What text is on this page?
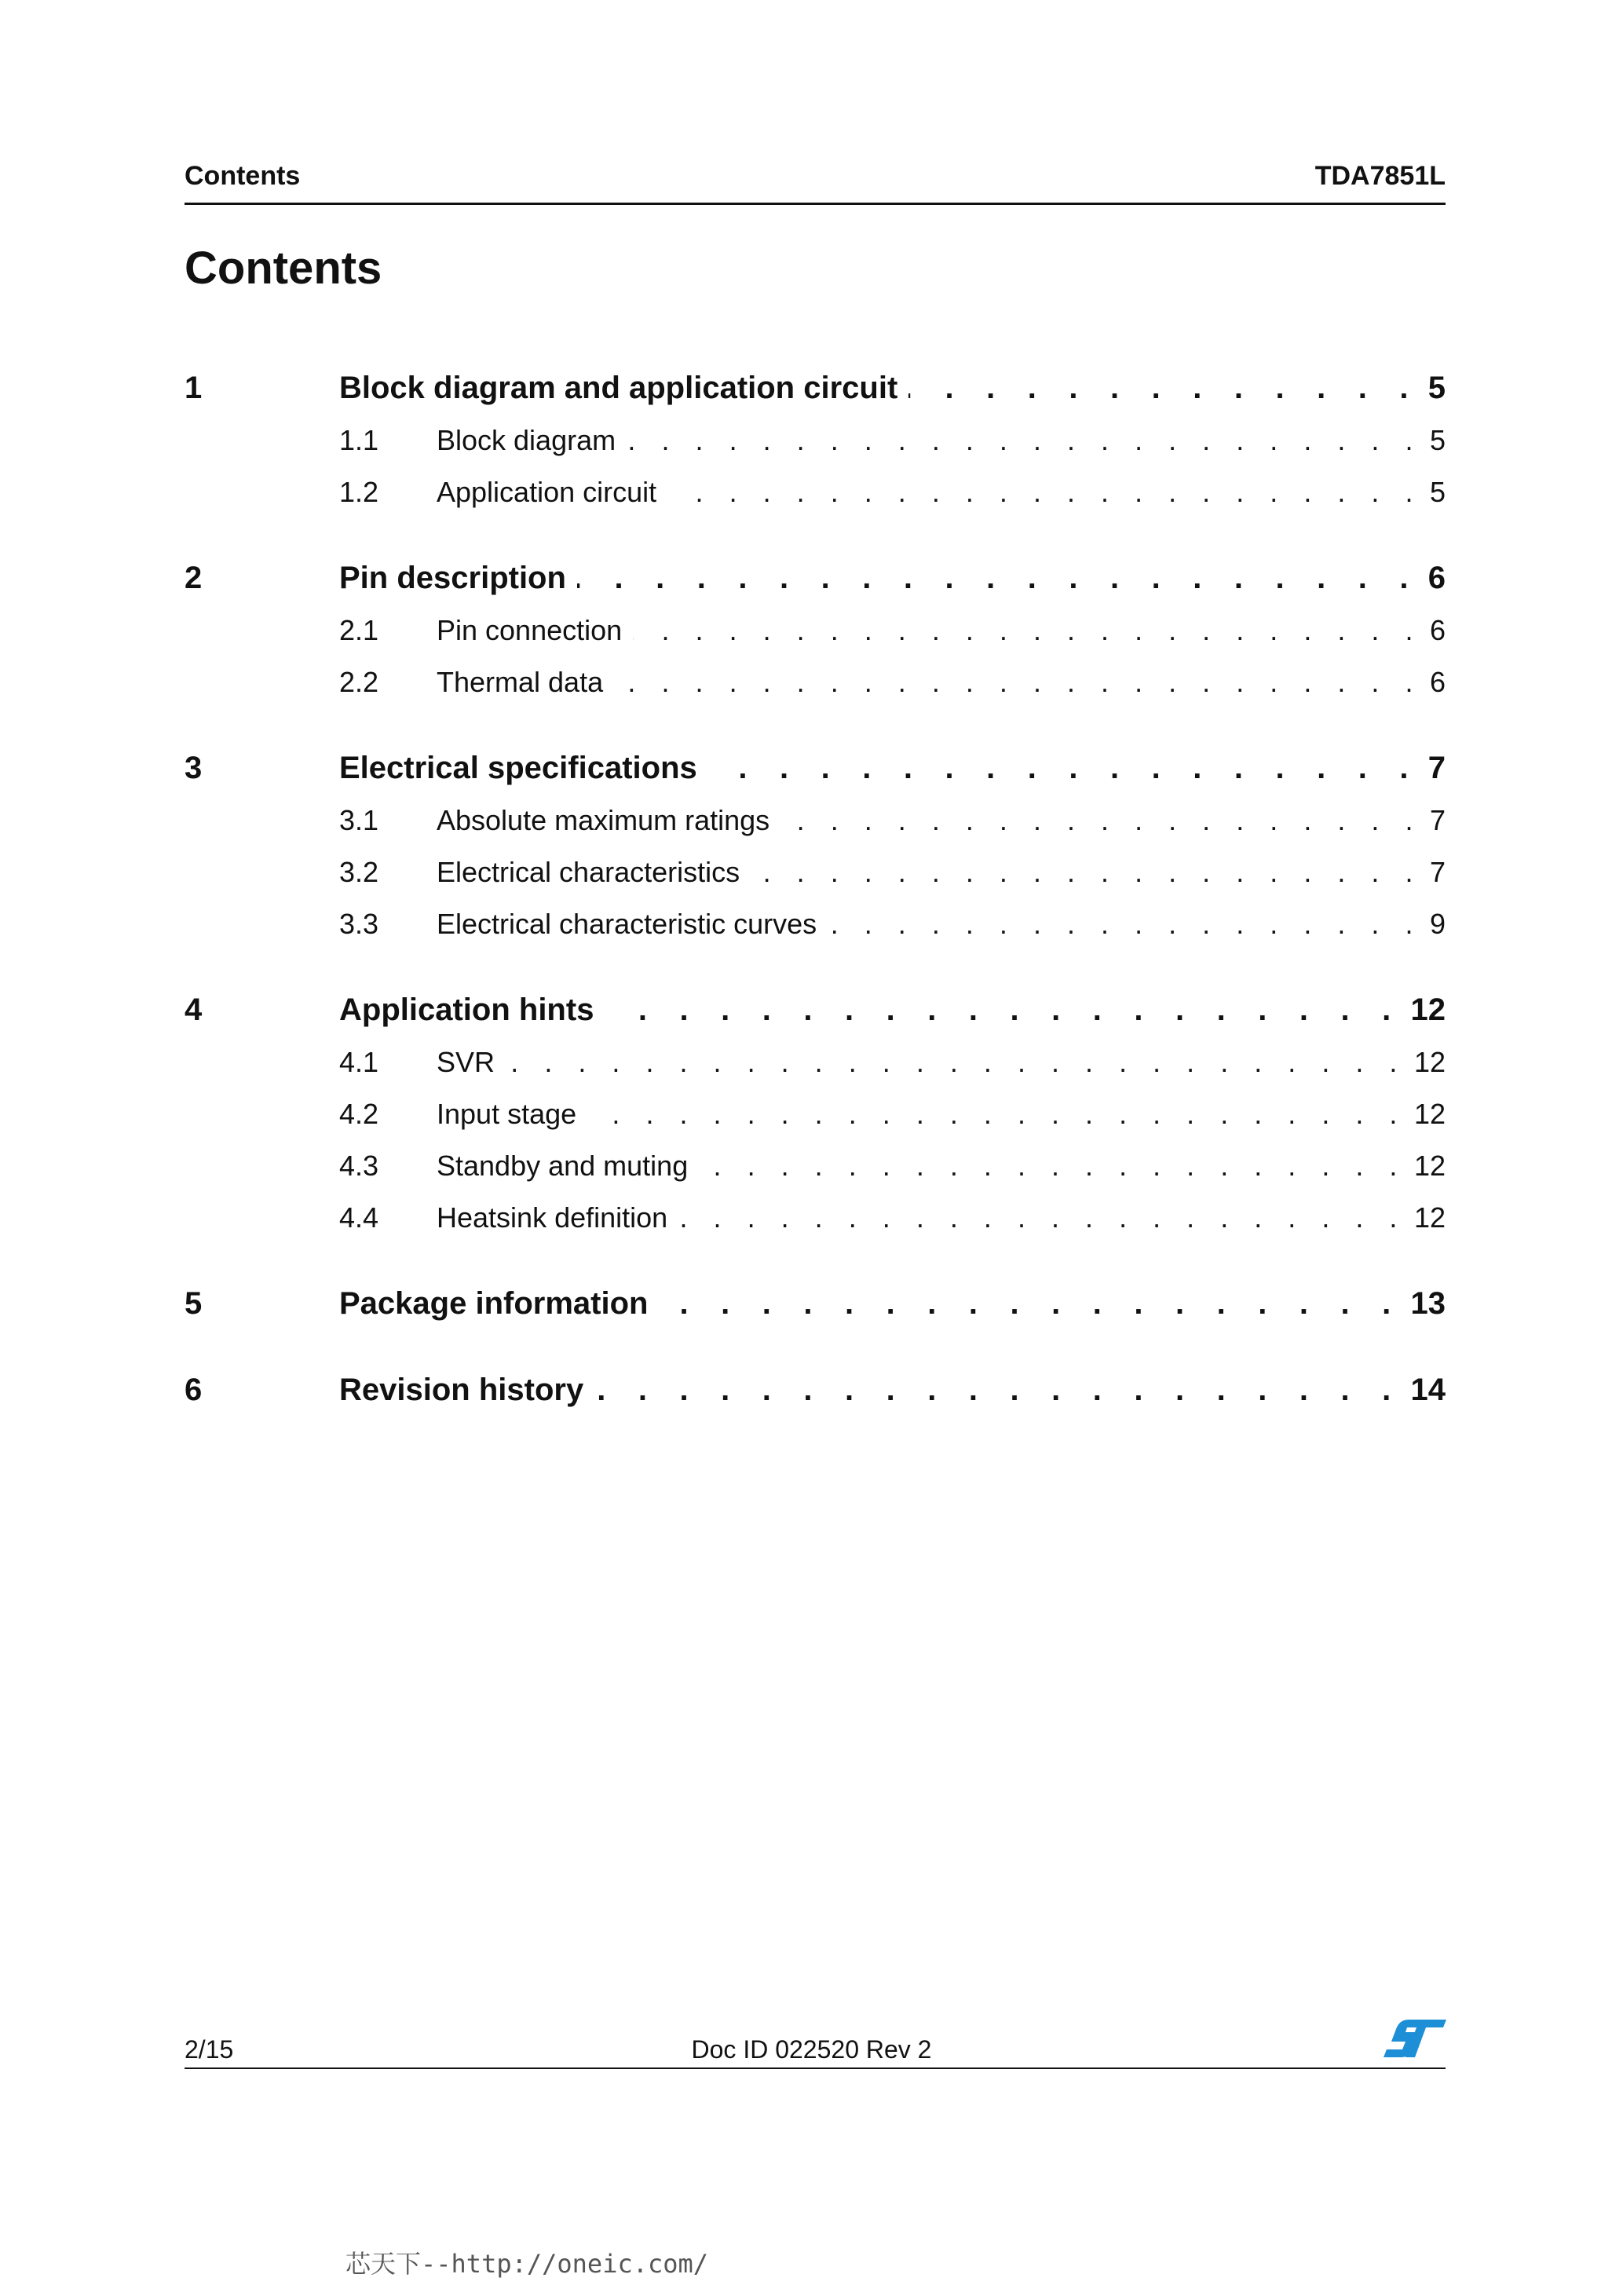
Contents	TDA7851L
Contents
1	Block diagram and application circuit . . .	5
1.1	Block diagram . . .	5
1.2	Application circuit . . .	5
2	Pin description . . .	6
2.1	Pin connection . . .	6
2.2	Thermal data . . .	6
3	Electrical specifications . . .	7
3.1	Absolute maximum ratings . . .	7
3.2	Electrical characteristics . . .	7
3.3	Electrical characteristic curves . . .	9
4	Application hints . . .	12
4.1	SVR . . .	12
4.2	Input stage . . .	12
4.3	Standby and muting . . .	12
4.4	Heatsink definition . . .	12
5	Package information . . .	13
6	Revision history . . .	14
2/15	Doc ID 022520 Rev 2
芯天下--http://oneic.com/
